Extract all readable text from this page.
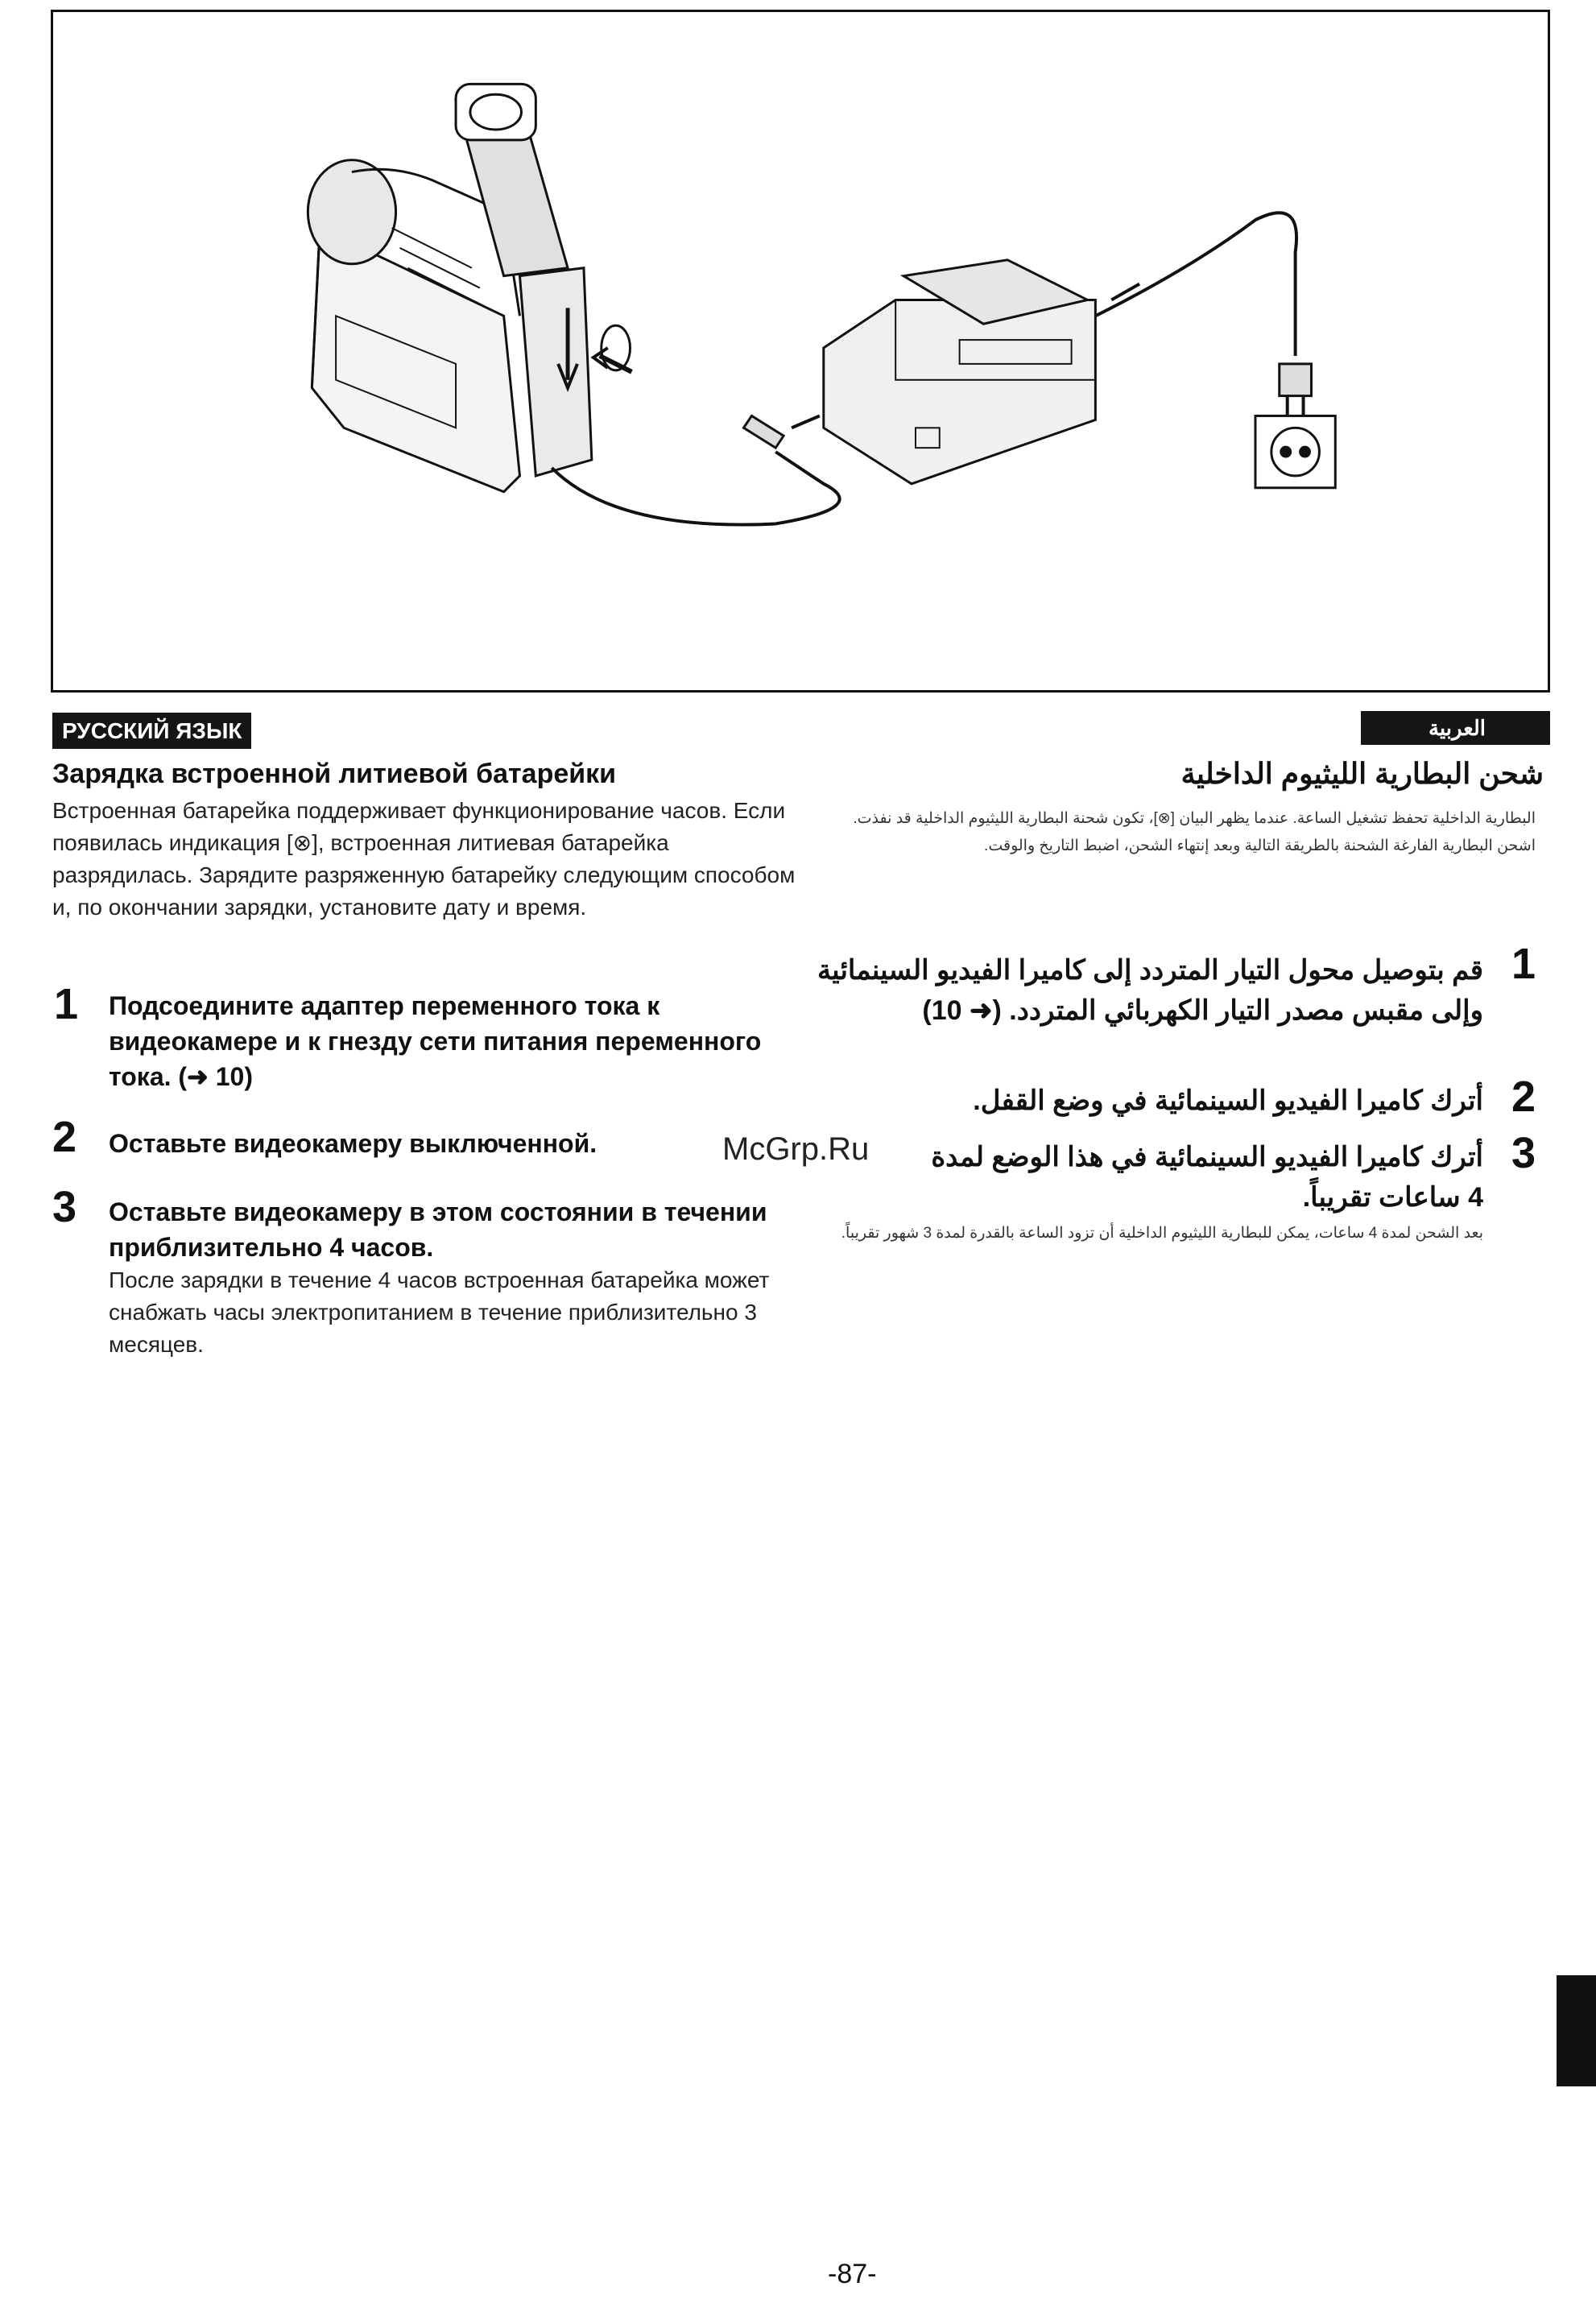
РУССКИЙ ЯЗЫК	العربية
Зарядка встроенной литиевой батарейки
Встроенная батарейка поддерживает функционирование часов. Если появилась индикация [⊗], встроенная литиевая батарейка разрядилась. Зарядите разряженную батарейку следующим способом и, по окончании зарядки, установите дату и время.
1 Подсоедините адаптер переменного тока к видеокамере и к гнезду сети питания переменного тока. (➜ 10)
2 Оставьте видеокамеру выключенной.
3 Оставьте видеокамеру в этом состоянии в течении приблизительно 4 часов.
После зарядки в течение 4 часов встроенная батарейка может снабжать часы электропитанием в течение приблизительно 3 месяцев.
شحن البطارية الليثيوم الداخلية
البطارية الداخلية تحفظ تشغيل الساعة. عندما يظهر البيان [⊗]، تكون شحنة البطارية الليثيوم الداخلية قد نفذت. اشحن البطارية الفارغة الشحنة بالطريقة التالية وبعد إنتهاء الشحن، اضبط التاريخ والوقت.
1
قم بتوصيل محول التيار المتردد إلى كاميرا الفيديو السينمائية وإلى مقبس مصدر التيار الكهربائي المتردد. (➜ 10)
2
أترك كاميرا الفيديو السينمائية في وضع القفل.
3
أترك كاميرا الفيديو السينمائية في هذا الوضع لمدة 4 ساعات تقريباً.
بعد الشحن لمدة 4 ساعات، يمكن للبطارية الليثيوم الداخلية أن تزود الساعة بالقدرة لمدة 3 شهور تقريباً.
McGrp.Ru
-87-
